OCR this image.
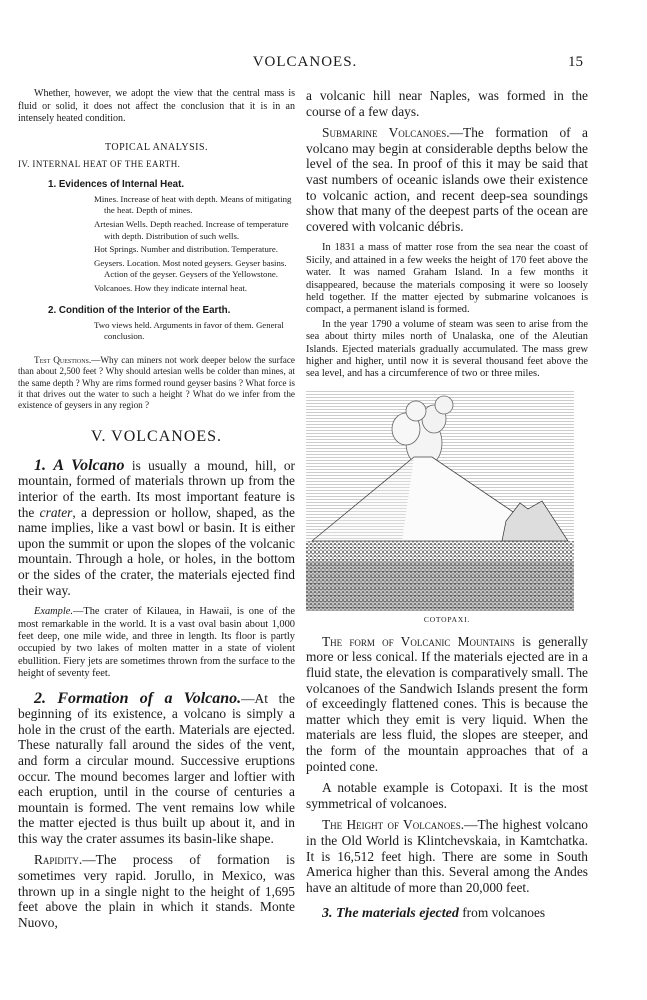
VOLCANOES.	15

Whether, however, we adopt the view that the central mass is fluid or solid, it does not affect the conclusion that it is in an intensely heated condition.

TOPICAL ANALYSIS.
IV. INTERNAL HEAT OF THE EARTH.
1. Evidences of Internal Heat.
Mines. Increase of heat with depth. Means of mitigating the heat. Depth of mines.
Artesian Wells. Depth reached. Increase of temperature with depth. Distribution of such wells.
Hot Springs. Number and distribution. Temperature.
Geysers. Location. Most noted geysers. Geyser basins. Action of the geyser. Geysers of the Yellowstone.
Volcanoes. How they indicate internal heat.
2. Condition of the Interior of the Earth.
Two views held. Arguments in favor of them. General conclusion.

Test Questions.—Why can miners not work deeper below the surface than about 2,500 feet ? Why should artesian wells be colder than mines, at the same depth ? Why are rims formed round geyser basins ? What force is it that drives out the water to such a height ? What do we infer from the existence of geysers in any region ?

V. VOLCANOES.

1. A Volcano is usually a mound, hill, or mountain, formed of materials thrown up from the interior of the earth. Its most important feature is the crater, a depression or hollow, shaped, as the name implies, like a vast bowl or basin. It is either upon the summit or upon the slopes of the volcanic mountain. Through a hole, or holes, in the bottom or the sides of the crater, the materials ejected find their way.

Example.—The crater of Kilauea, in Hawaii, is one of the most remarkable in the world. It is a vast oval basin about 1,000 feet deep, one mile wide, and three in length. Its floor is partly occupied by two lakes of molten matter in a state of violent ebullition. Fiery jets are sometimes thrown from the surface to the height of seventy feet.

2. Formation of a Volcano.—At the beginning of its existence, a volcano is simply a hole in the crust of the earth. Materials are ejected. These naturally fall around the sides of the vent, and form a circular mound. Successive eruptions occur. The mound becomes larger and loftier with each eruption, until in the course of centuries a mountain is formed. The vent remains low while the matter ejected is thus built up about it, and in this way the crater assumes its basin-like shape.

Rapidity.—The process of formation is sometimes very rapid. Jorullo, in Mexico, was thrown up in a single night to the height of 1,695 feet above the plain in which it stands. Monte Nuovo,

a volcanic hill near Naples, was formed in the course of a few days.

Submarine Volcanoes.—The formation of a volcano may begin at considerable depths below the level of the sea. In proof of this it may be said that vast numbers of oceanic islands owe their existence to volcanic action, and recent deep-sea soundings show that many of the deepest parts of the ocean are covered with volcanic débris.

In 1831 a mass of matter rose from the sea near the coast of Sicily, and attained in a few weeks the height of 170 feet above the water. It was named Graham Island. In a few months it disappeared, because the materials composing it were so loosely held together. If the matter ejected by submarine volcanoes is compact, a permanent island is formed.

In the year 1790 a volume of steam was seen to arise from the sea about thirty miles north of Unalaska, one of the Aleutian Islands. Ejected materials gradually accumulated. The mass grew higher and higher, until now it is several thousand feet above the sea level, and has a circumference of two or three miles.

COTOPAXI.

The form of Volcanic Mountains is generally more or less conical. If the materials ejected are in a fluid state, the elevation is comparatively small. The volcanoes of the Sandwich Islands present the form of exceedingly flattened cones. This is because the matter which they emit is very liquid. When the materials are less fluid, the slopes are steeper, and the form of the mountain approaches that of a pointed cone.

A notable example is Cotopaxi. It is the most symmetrical of volcanoes.

The Height of Volcanoes.—The highest volcano in the Old World is Klintchevskaia, in Kamtchatka. It is 16,512 feet high. There are some in South America higher than this. Several among the Andes have an altitude of more than 20,000 feet.

3. The materials ejected from volcanoes
